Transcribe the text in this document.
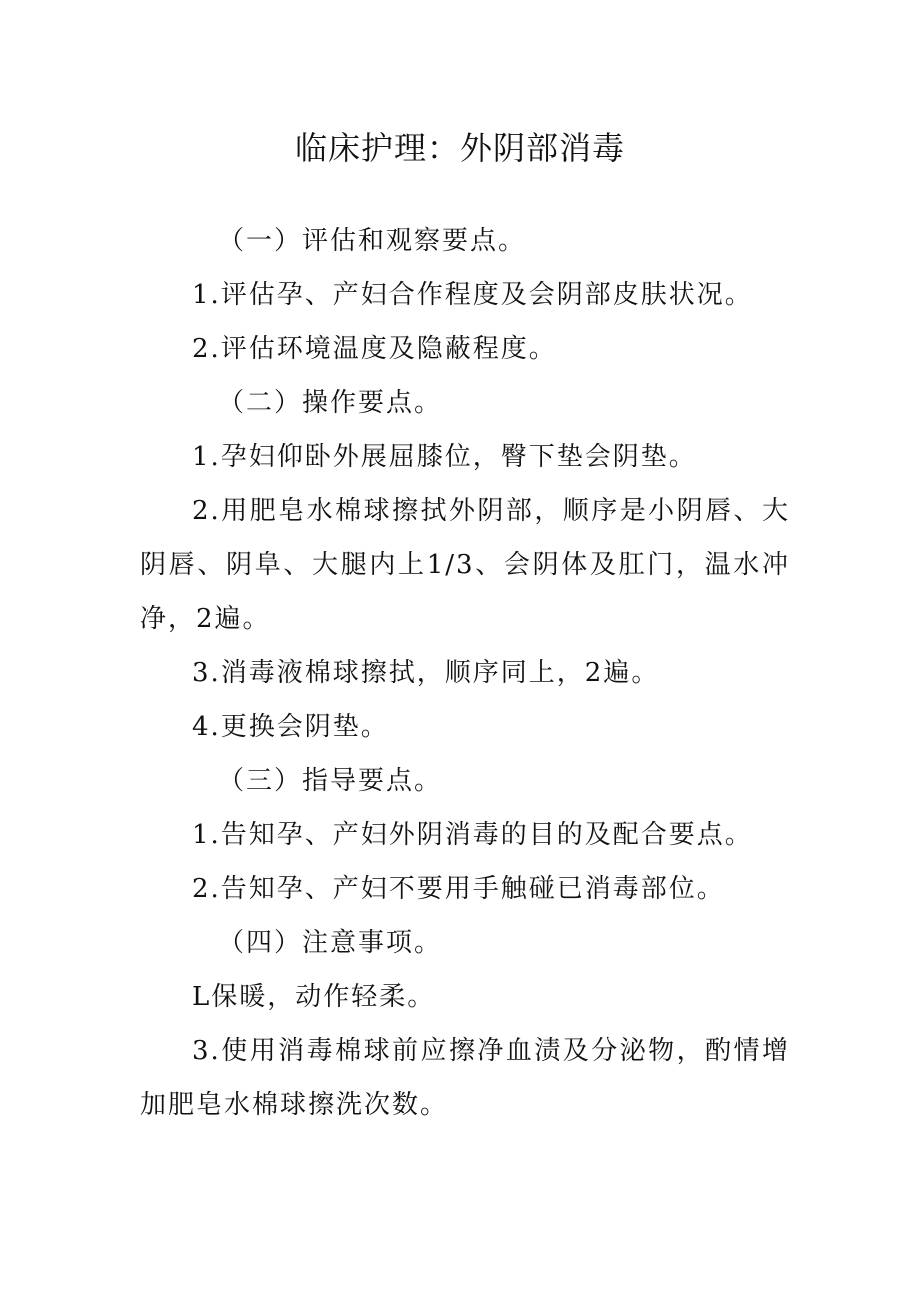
临床护理：外阴部消毒

（一）评估和观察要点。

1.评估孕、产妇合作程度及会阴部皮肤状况。

2.评估环境温度及隐蔽程度。

（二）操作要点。

1.孕妇仰卧外展屈膝位，臀下垫会阴垫。

2.用肥皂水棉球擦拭外阴部，顺序是小阴唇、大阴唇、阴阜、大腿内上1/3、会阴体及肛门，温水冲净，2遍。

3.消毒液棉球擦拭，顺序同上，2遍。

4.更换会阴垫。

（三）指导要点。

1.告知孕、产妇外阴消毒的目的及配合要点。

2.告知孕、产妇不要用手触碰已消毒部位。

（四）注意事项。

L保暖，动作轻柔。

3.使用消毒棉球前应擦净血渍及分泌物，酌情增加肥皂水棉球擦洗次数。
